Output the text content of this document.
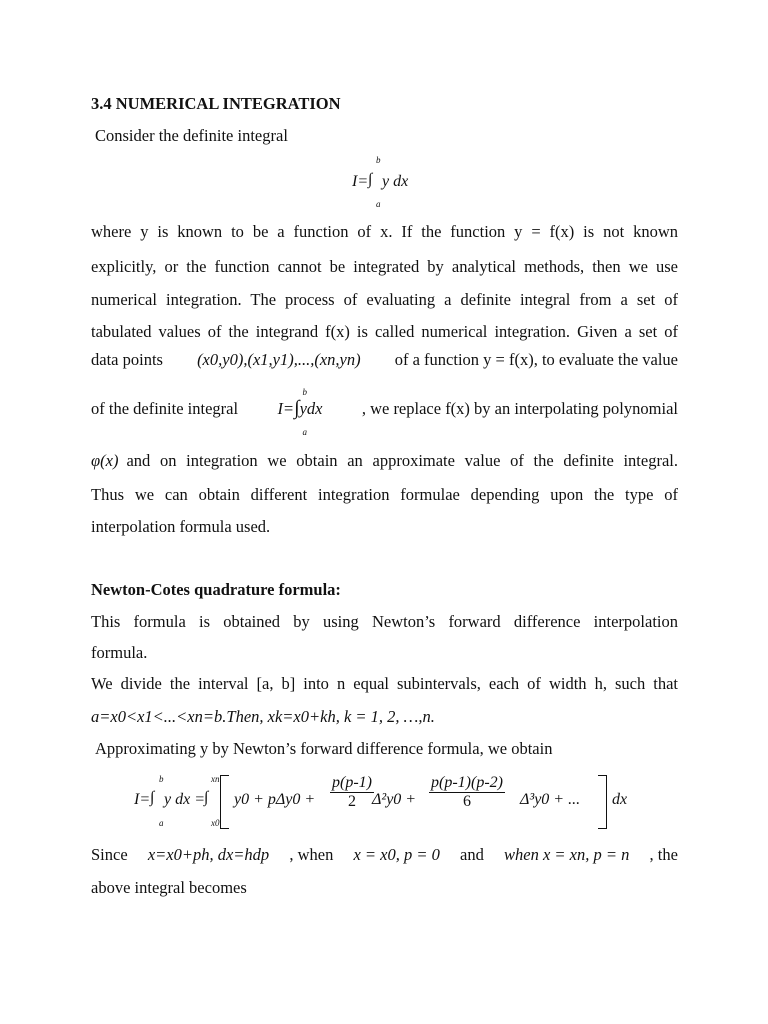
3.4 NUMERICAL INTEGRATION
Consider the definite integral
b
I= ∫ y dx
a
where y is known to be a function of x. If the function y = f(x) is not known
explicitly, or the function cannot be integrated by analytical methods, then we use
numerical integration. The process of evaluating a definite integral from a set of
tabulated values of the integrand f(x) is called numerical integration. Given a set of
data points (x0,y0),(x1,y1),...,(xn,yn) of a function y = f(x), to evaluate the value
of the definite integral
b
I=∫ydx
a
, we replace f(x) by an interpolating polynomial
φ(x) and on integration we obtain an approximate value of the definite integral.
Thus we can obtain different integration formulae depending upon the type of
interpolation formula used.
Newton-Cotes quadrature formula:
This formula is obtained by using Newton’s forward difference interpolation
formula.
We divide the interval [a, b] into n equal subintervals, each of width h, such that
a=x0<x1<...<xn=b.Then, xk=x0+kh, k = 1, 2, …,n.
Approximating y by Newton’s forward difference formula, we obtain
b
a
xn
x0
I= ∫ y dx = ∫ $y0 + p\Delta y0 + \frac{p(p-1)}{2}$
$\Delta^2y0 + \frac{p(p-1)(p-2)}{6} \Delta^3y0$ + ... dx
Since x=x0+ph, dx=hdp , when x = x0, p = 0 and when x = xn, p = n , the
above integral becomes
